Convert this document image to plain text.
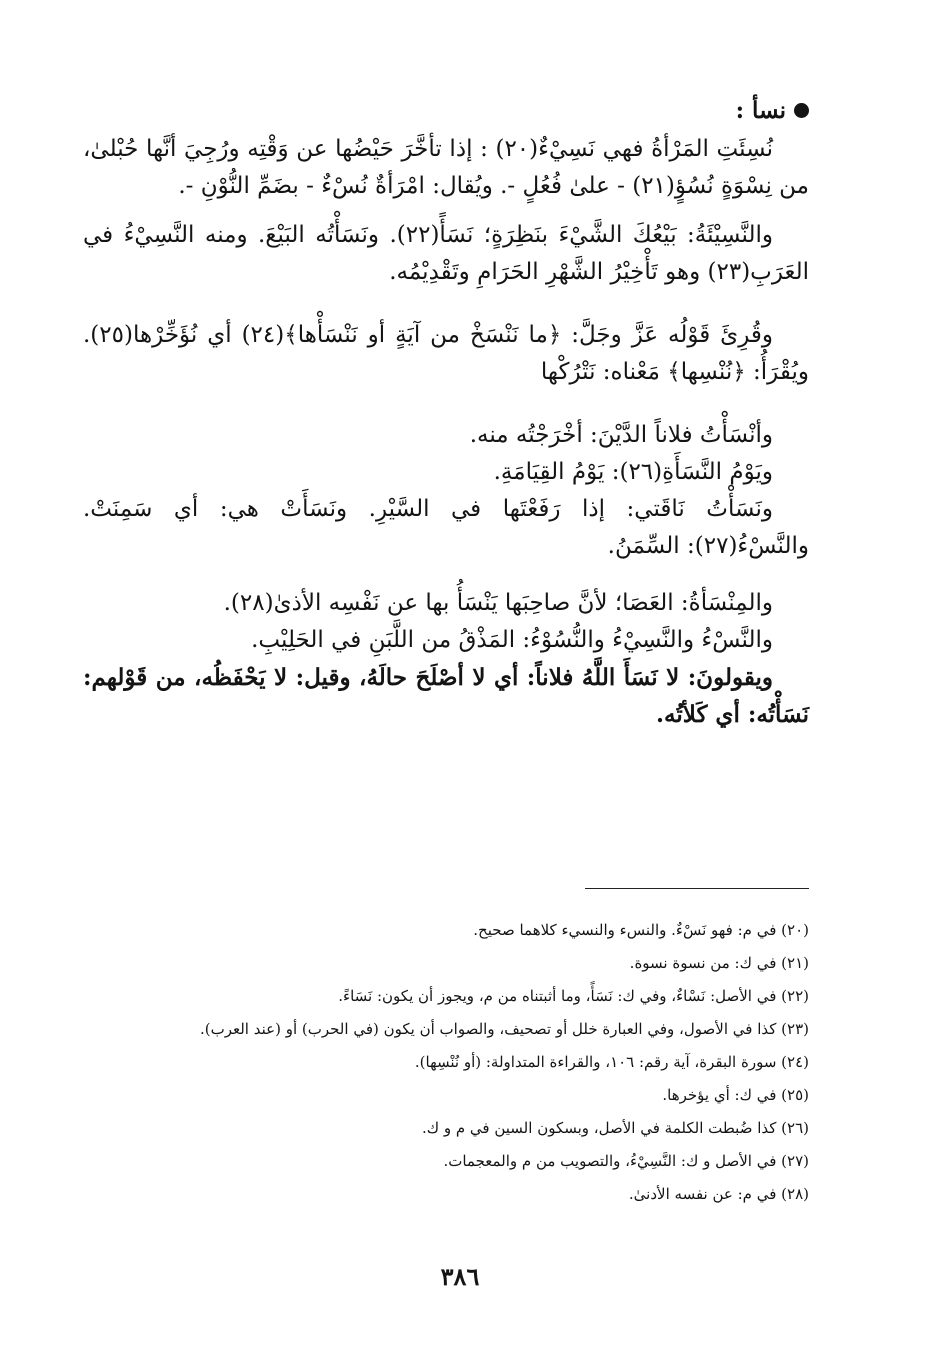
نسأ :

نُسِئَتِ المَرْأةُ فهي نَسِيْءٌ(٢٠) : إذا تأخَّرَ حَيْضُها عن وَقْتِه ورُجِيَ أنَّها حُبْلىٰ، من نِسْوَةٍ نُسُؤٍ(٢١) - علىٰ فُعُلٍ -. ويُقال: امْرَأةٌ نُسْءٌ - بضَمِّ النُّوْنِ -.

والنَّسِيْئَةُ: بَيْعُكَ الشَّيْءَ بنَظِرَةٍ؛ نَسَأً(٢٢). ونَسَأْتُه البَيْعَ. ومنه النَّسِيْءُ في العَرَبِ(٢٣) وهو تَأْخِيْرُ الشَّهْرِ الحَرَامِ وتَقْدِيْمُه.

وقُرِئَ قَوْلُه عَزَّ وجَلَّ: ﴿ما نَنْسَخْ من آيَةٍ أو نَنْسَأْها﴾(٢٤) أي نُؤَخِّرْها(٢٥). ويُقْرَأُ: ﴿نُنْسِها﴾ مَعْناه: نَتْرُكْها

وأنْسَأْتُ فلاناً الدَّيْنَ: أخْرَجْتُه منه.

ويَوْمُ النَّسَأَةِ(٢٦): يَوْمُ القِيَامَةِ.

ونَسَأْتُ نَاقَتي: إذا رَفَعْتَها في السَّيْرِ. ونَسَأَتْ هي: أي سَمِنَتْ. والنَّسْءُ(٢٧): السِّمَنُ.

والمِنْسَأةُ: العَصَا؛ لأنَّ صاحِبَها يَنْسَأُ بها عن نَفْسِه الأذىٰ(٢٨).

والنَّسْءُ والنَّسِيْءُ والنُّسُوْءُ: المَذْقُ من اللَّبَنِ في الحَلِيْبِ.

ويقولونَ: لا نَسَأَ اللَّهُ فلاناً: أي لا أصْلَحَ حالَهُ، وقيل: لا يَحْفَظُه، من قَوْلهم: نَسَأْتُه: أي كَلأتُه.

(٢٠) في م: فهو نَسْءٌ. والنسء والنسيء كلاهما صحيح.

(٢١) في ك: من نسوة نسوة.

(٢٢) في الأصل: نَسْاءٌ، وفي ك: نَسَأً، وما أثبتناه من م، ويجوز أن يكون: نَسَاءً.

(٢٣) كذا في الأصول، وفي العبارة خلل أو تصحيف، والصواب أن يكون (في الحرب) أو (عند العرب).

(٢٤) سورة البقرة، آية رقم: ١٠٦، والقراءة المتداولة: (أو نُنْسِها).

(٢٥) في ك: أي يؤخرها.

(٢٦) كذا ضُبطت الكلمة في الأصل، وبسكون السين في م و ك.

(٢٧) في الأصل و ك: النَّسِيْءُ، والتصويب من م والمعجمات.

(٢٨) في م: عن نفسه الأدنىٰ.

٣٨٦
